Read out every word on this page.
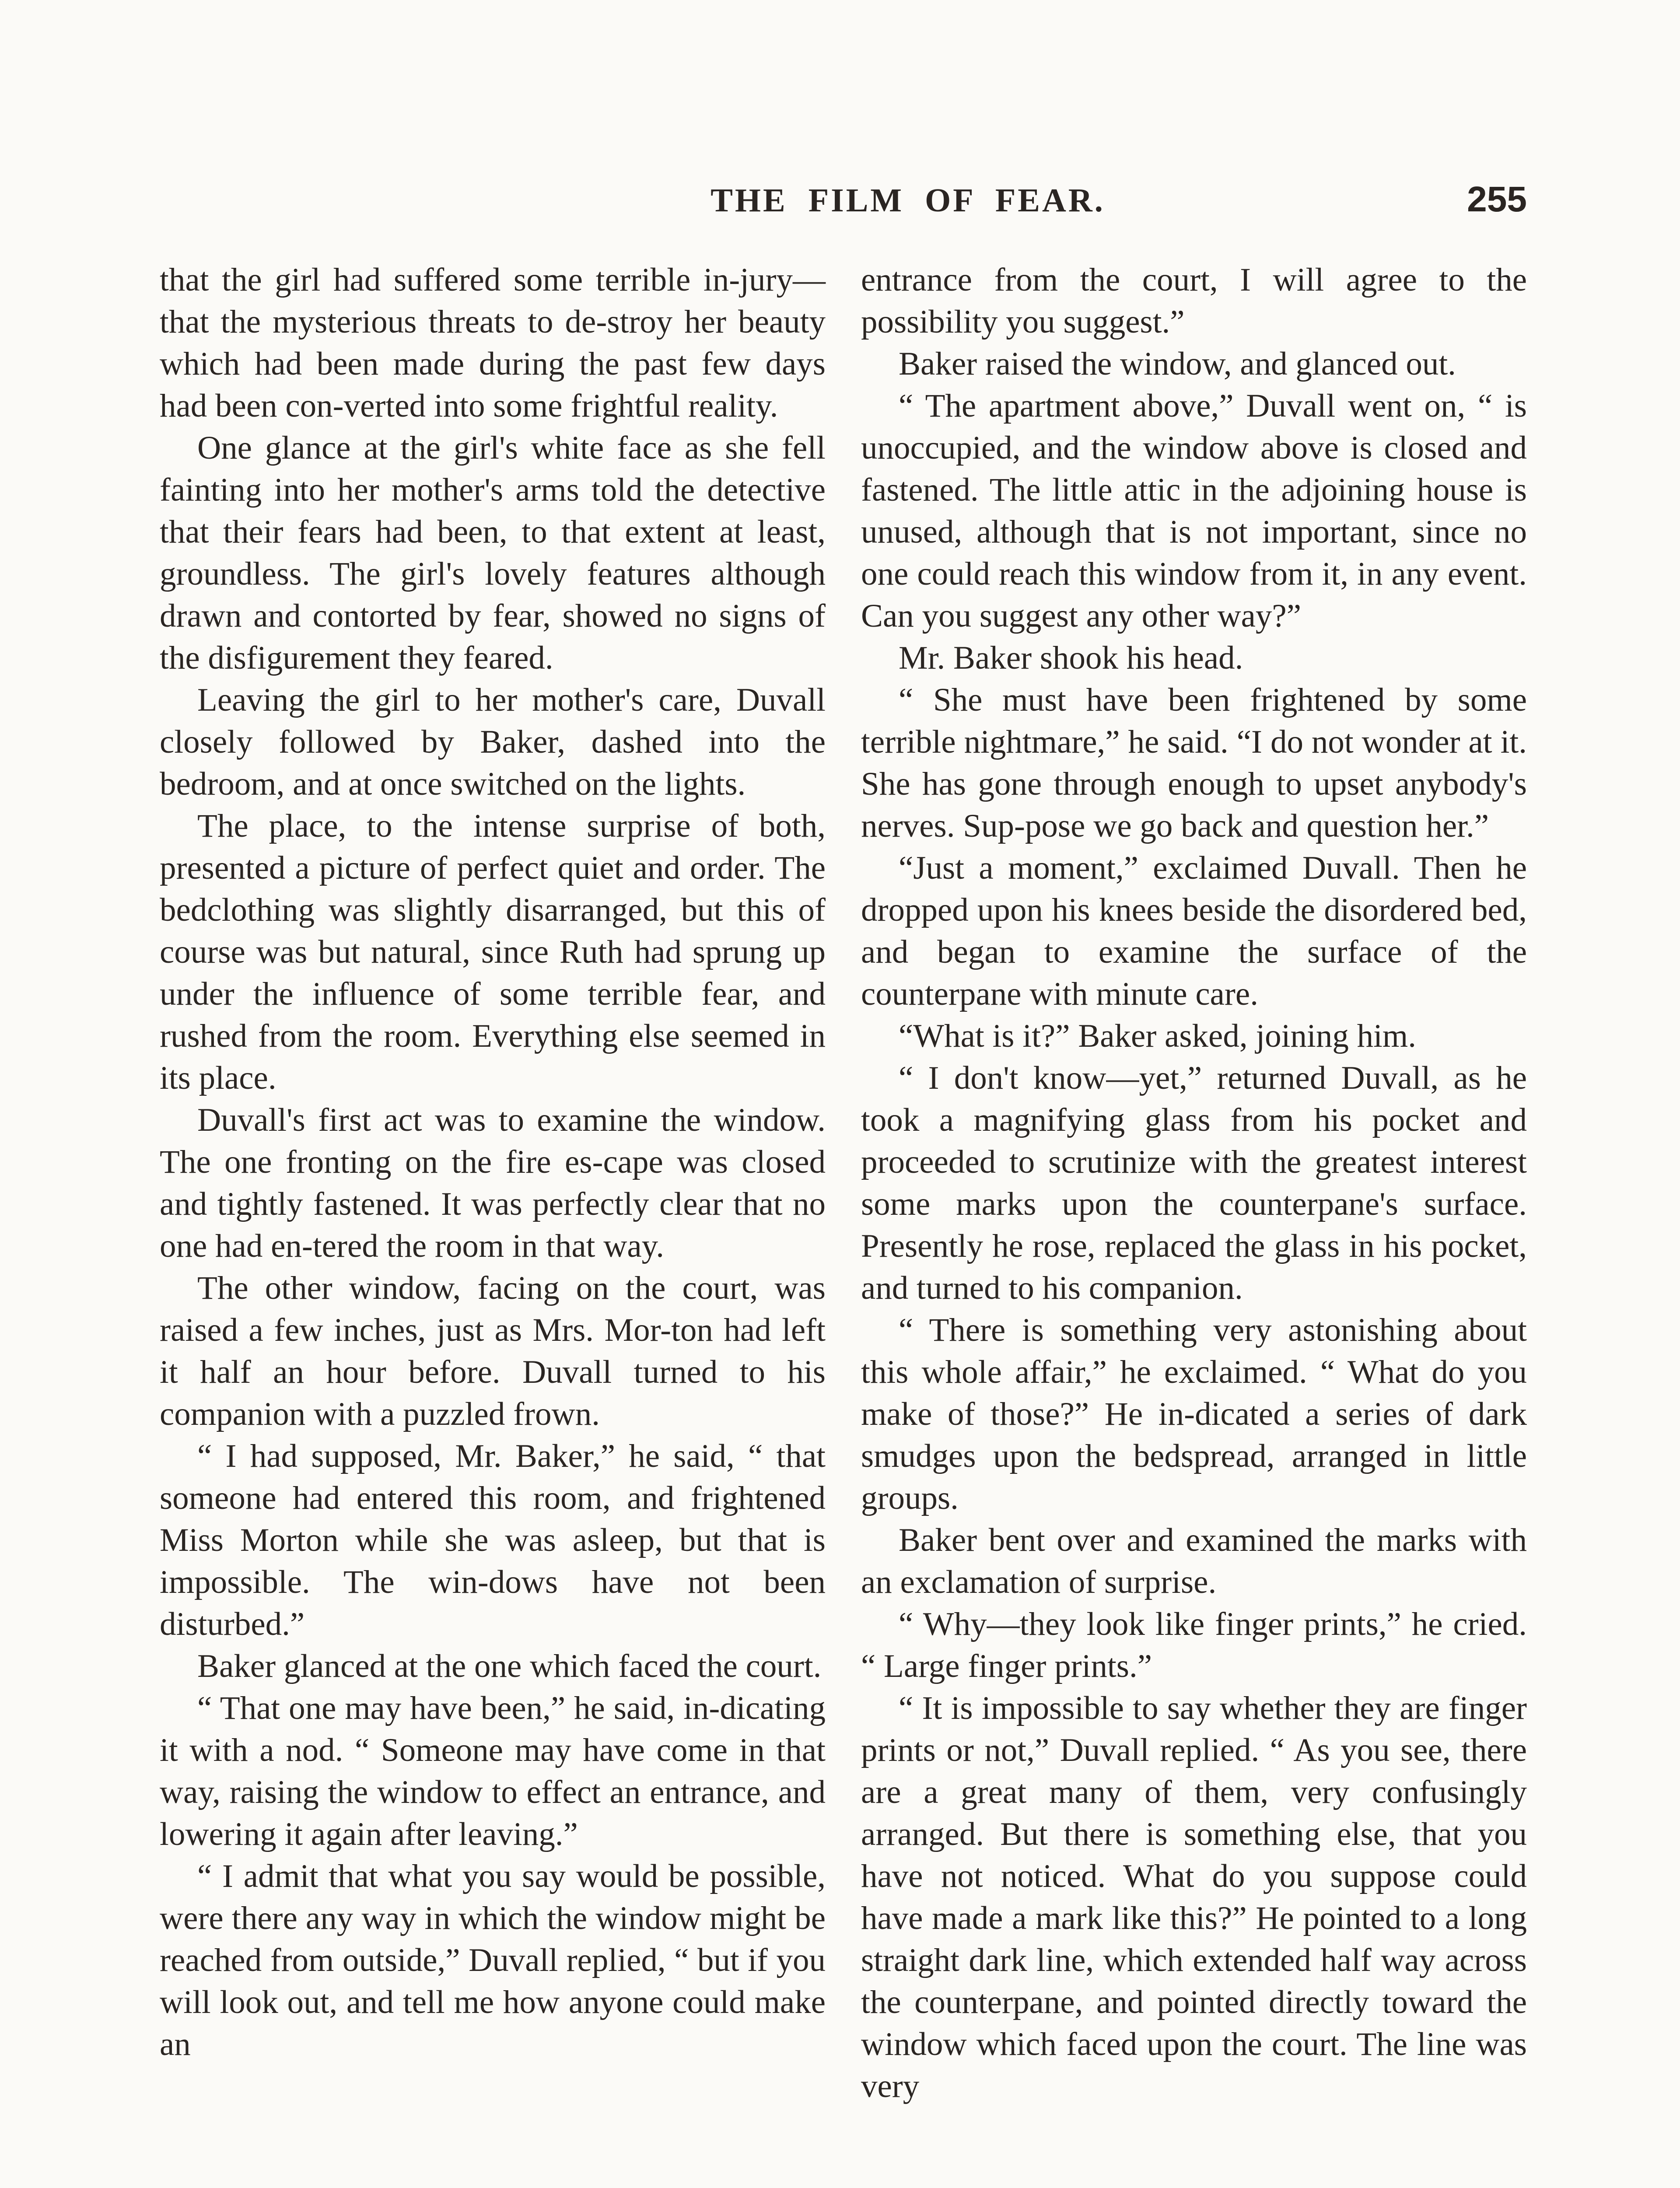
THE FILM OF FEAR.	255

that the girl had suffered some terrible in-jury—that the mysterious threats to de-stroy her beauty which had been made during the past few days had been con-verted into some frightful reality.

One glance at the girl's white face as she fell fainting into her mother's arms told the detective that their fears had been, to that extent at least, groundless. The girl's lovely features although drawn and contorted by fear, showed no signs of the disfigurement they feared.

Leaving the girl to her mother's care, Duvall closely followed by Baker, dashed into the bedroom, and at once switched on the lights.

The place, to the intense surprise of both, presented a picture of perfect quiet and order. The bedclothing was slightly disarranged, but this of course was but natural, since Ruth had sprung up under the influence of some terrible fear, and rushed from the room. Everything else seemed in its place.

Duvall's first act was to examine the window. The one fronting on the fire es-cape was closed and tightly fastened. It was perfectly clear that no one had en-tered the room in that way.

The other window, facing on the court, was raised a few inches, just as Mrs. Mor-ton had left it half an hour before. Duvall turned to his companion with a puzzled frown.

“ I had supposed, Mr. Baker,” he said, “ that someone had entered this room, and frightened Miss Morton while she was asleep, but that is impossible. The win-dows have not been disturbed.”

Baker glanced at the one which faced the court.

“ That one may have been,” he said, in-dicating it with a nod. “ Someone may have come in that way, raising the window to effect an entrance, and lowering it again after leaving.”

“ I admit that what you say would be possible, were there any way in which the window might be reached from outside,” Duvall replied, “ but if you will look out, and tell me how anyone could make an

entrance from the court, I will agree to the possibility you suggest.”

Baker raised the window, and glanced out.

“ The apartment above,” Duvall went on, “ is unoccupied, and the window above is closed and fastened. The little attic in the adjoining house is unused, although that is not important, since no one could reach this window from it, in any event. Can you suggest any other way?”

Mr. Baker shook his head.

“ She must have been frightened by some terrible nightmare,” he said. “I do not wonder at it. She has gone through enough to upset anybody's nerves. Sup-pose we go back and question her.”

“Just a moment,” exclaimed Duvall. Then he dropped upon his knees beside the disordered bed, and began to examine the surface of the counterpane with minute care.

“What is it?” Baker asked, joining him.

“ I don't know—yet,” returned Duvall, as he took a magnifying glass from his pocket and proceeded to scrutinize with the greatest interest some marks upon the counterpane's surface. Presently he rose, replaced the glass in his pocket, and turned to his companion.

“ There is something very astonishing about this whole affair,” he exclaimed. “ What do you make of those?” He in-dicated a series of dark smudges upon the bedspread, arranged in little groups.

Baker bent over and examined the marks with an exclamation of surprise.

“ Why—they look like finger prints,” he cried. “ Large finger prints.”

“ It is impossible to say whether they are finger prints or not,” Duvall replied. “ As you see, there are a great many of them, very confusingly arranged. But there is something else, that you have not noticed. What do you suppose could have made a mark like this?” He pointed to a long straight dark line, which extended half way across the counterpane, and pointed directly toward the window which faced upon the court. The line was very
